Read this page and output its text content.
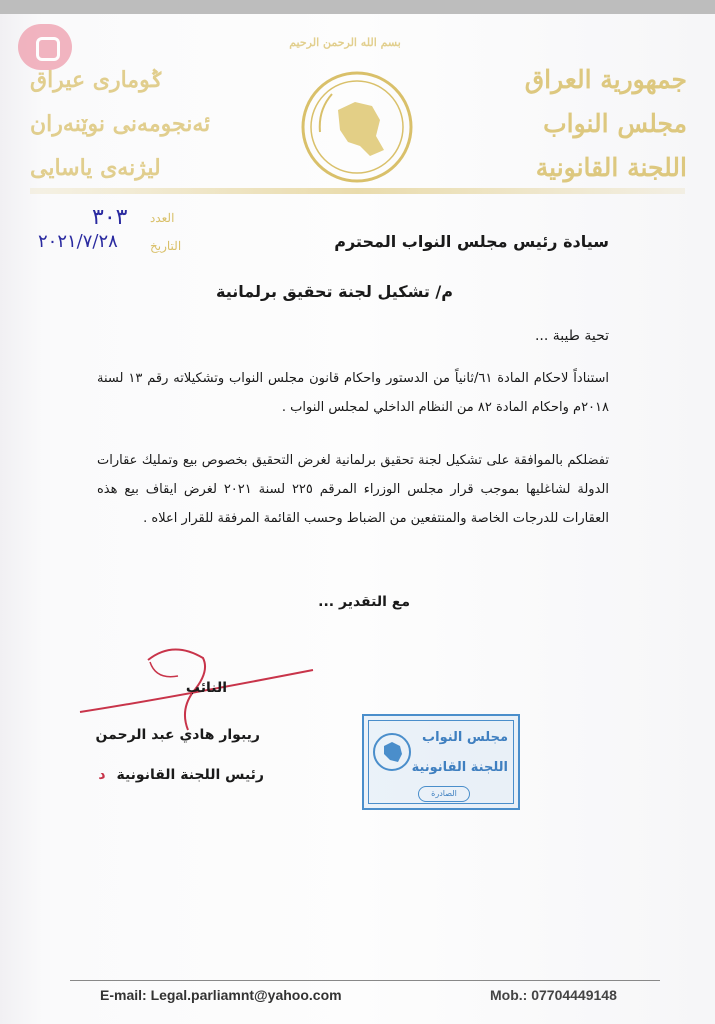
بسم الله الرحمن الرحيم
جمهورية العراق
مجلس النواب
اللجنة القانونية
ݣوماری عیراق
ئەنجومەنی نوێنەران
لیژنەی یاسایی
٣٠٣
٢٠٢١/٧/٢٨
العدد
التاريخ	سيادة رئيس مجلس النواب المحترم
م/ تشكيل لجنة تحقيق برلمانية
تحية طيبة ...
استناداً لاحكام المادة ٦١/ثانياً من الدستور واحكام قانون مجلس النواب وتشكيلاته رقم ١٣ لسنة ٢٠١٨م واحكام المادة ٨٢ من النظام الداخلي لمجلس النواب .
تفضلكم بالموافقة على تشكيل لجنة تحقيق برلمانية لغرض التحقيق بخصوص بيع وتمليك عقارات الدولة لشاغليها بموجب قرار مجلس الوزراء المرقم ٢٢٥ لسنة ٢٠٢١ لغرض ايقاف بيع هذه العقارات للدرجات الخاصة والمنتفعين من الضباط وحسب القائمة المرفقة للقرار اعلاه .
مع التقدير ...
النائب
ريبوار هادي عبد الرحمن
رئيس اللجنة القانونية د
مجلس النواب
اللجنة القانونية
الصادرة
E-mail: Legal.parliamnt@yahoo.com	Mob.: 07704449148
